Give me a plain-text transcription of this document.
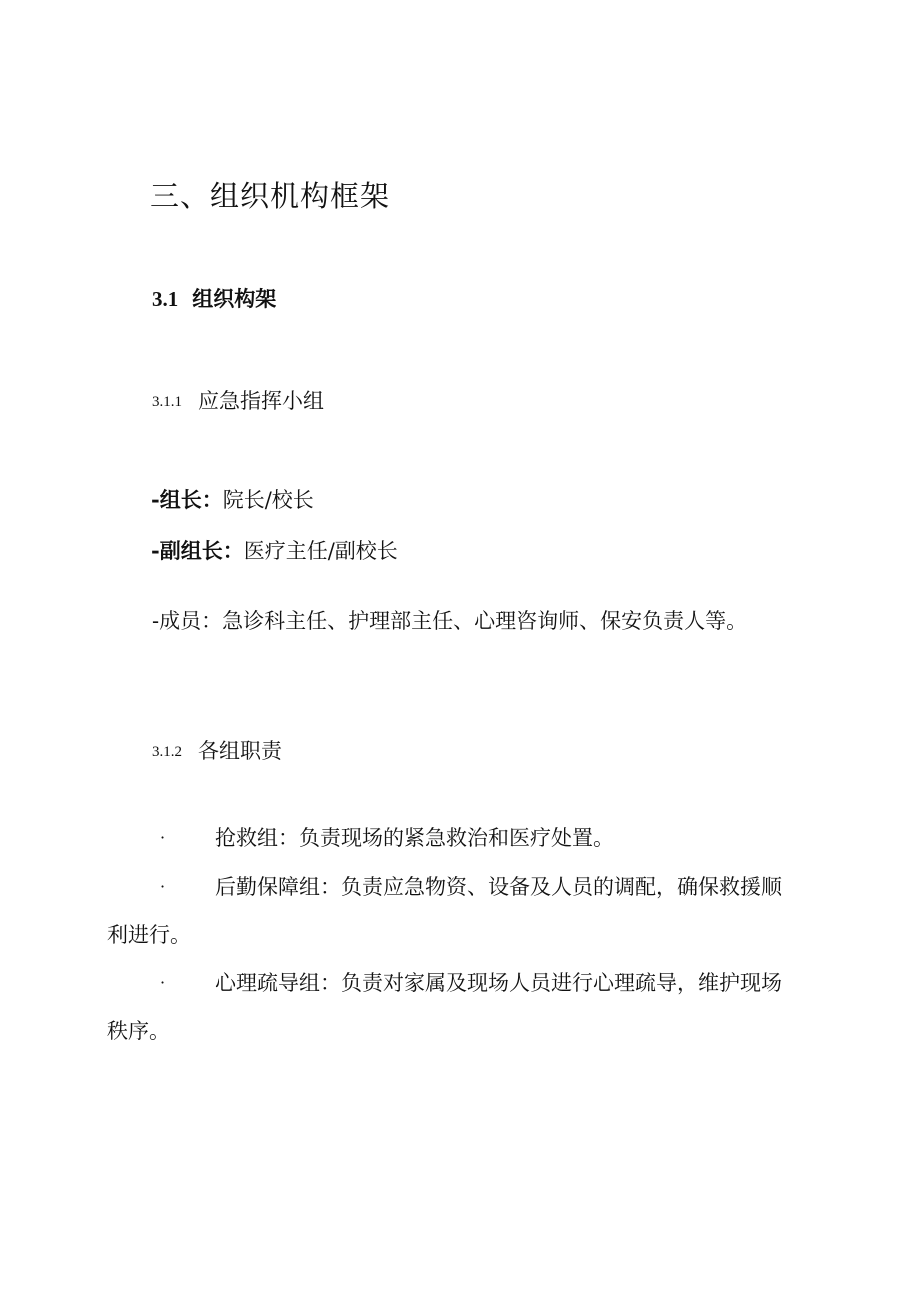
三、组织机构框架
3.1 组织构架
3.1.1 应急指挥小组
-组长：院长/校长
-副组长：医疗主任/副校长
-成员：急诊科主任、护理部主任、心理咨询师、保安负责人等。
3.1.2 各组职责
· 抢救组：负责现场的紧急救治和医疗处置。
· 后勤保障组：负责应急物资、设备及人员的调配，确保救援顺利进行。
· 心理疏导组：负责对家属及现场人员进行心理疏导，维护现场秩序。
